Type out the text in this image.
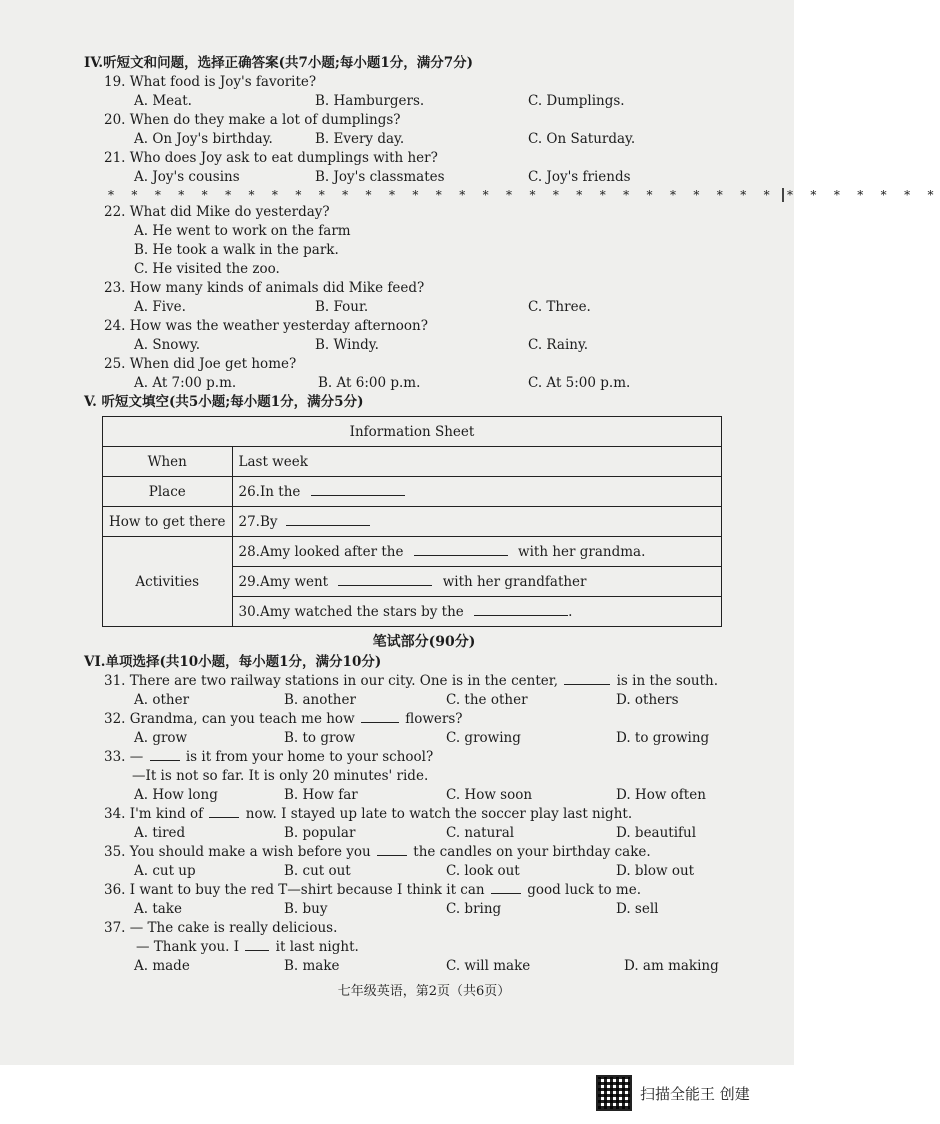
IV.听短文和问题，选择正确答案(共7小题;每小题1分，满分7分)
19. What food is Joy's favorite?
A. Meat.	B. Hamburgers.	C. Dumplings.
20. When do they make a lot of dumplings?
A. On Joy's birthday.	B. Every day.	C. On Saturday.
21. Who does Joy ask to eat dumplings with her?
A. Joy's cousins	B. Joy's classmates	C. Joy's friends
* * * * * * * * * * * * * * * * * * * * * * * * * * * * * * * * * * * *
22. What did Mike do yesterday?
A. He went to work on the farm
B. He took a walk in the park.
C. He visited the zoo.
23. How many kinds of animals did Mike feed?
A. Five.	B. Four.	C. Three.
24. How was the weather yesterday afternoon?
A. Snowy.	B. Windy.	C. Rainy.
25. When did Joe get home?
A. At 7:00 p.m.	B. At 6:00 p.m.	C. At 5:00 p.m.
V. 听短文填空(共5小题;每小题1分，满分5分)
Information Sheet	
When	Last week
Place	26.In the
How to get there	27.By
Activities	28.Amy looked after the with her grandma.
	29.Amy went with her grandfather
	30.Amy watched the stars by the .
笔试部分(90分)
VI.单项选择(共10小题，每小题1分，满分10分)
31. There are two railway stations in our city. One is in the center,	is in the south.
A. other	B. another	C. the other	D. others
32. Grandma, can you teach me how	flowers?
A. grow	B. to grow	C. growing	D. to growing
33. —	is it from your home to your school?
—It is not so far. It is only 20 minutes' ride.
A. How long	B. How far	C. How soon	D. How often
34. I'm kind of	now. I stayed up late to watch the soccer play last night.
A. tired	B. popular	C. natural	D. beautiful
35. You should make a wish before you	the candles on your birthday cake.
A. cut up	B. cut out	C. look out	D. blow out
36. I want to buy the red T—shirt because I think it can	good luck to me.
A. take	B. buy	C. bring	D. sell
37. — The cake is really delicious.
— Thank you. I	it last night.
A. made	B. make	C. will make	D. am making
七年级英语，第2页（共6页）
扫描全能王 创建
